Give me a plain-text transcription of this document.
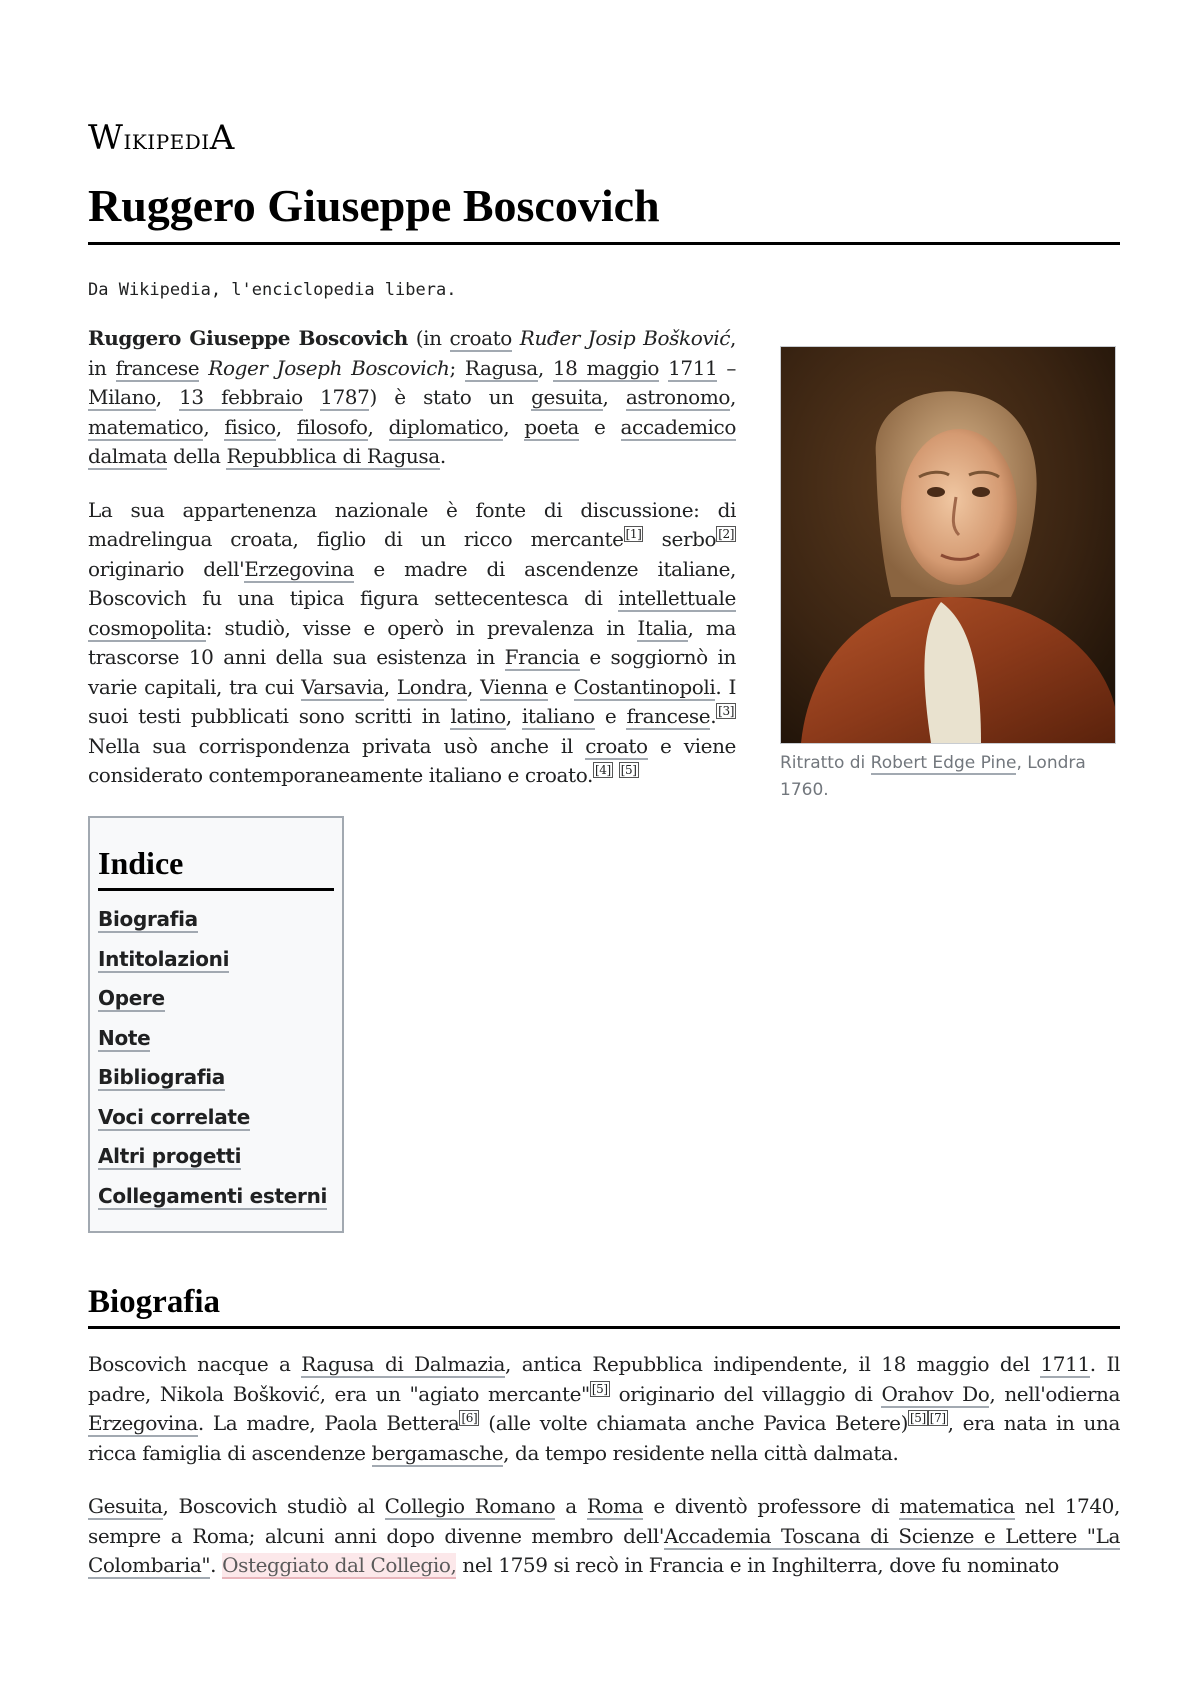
WikipediA
Ruggero Giuseppe Boscovich
Da Wikipedia, l'enciclopedia libera.

Ruggero Giuseppe Boscovich (in croato Ruđer Josip Bošković, in francese Roger Joseph Boscovich; Ragusa, 18 maggio 1711 – Milano, 13 febbraio 1787) è stato un gesuita, astronomo, matematico, fisico, filosofo, diplomatico, poeta e accademico dalmata della Repubblica di Ragusa.

La sua appartenenza nazionale è fonte di discussione: di madrelingua croata, figlio di un ricco mercante [1] serbo [2] originario dell'Erzegovina e madre di ascendenze italiane, Boscovich fu una tipica figura settecentesca di intellettuale cosmopolita: studiò, visse e operò in prevalenza in Italia, ma trascorse 10 anni della sua esistenza in Francia e soggiornò in varie capitali, tra cui Varsavia, Londra, Vienna e Costantinopoli. I suoi testi pubblicati sono scritti in latino, italiano e francese. [3] Nella sua corrispondenza privata usò anche il croato e viene considerato contemporaneamente italiano e croato. [4] [5]	Ritratto di Robert Edge Pine, Londra 1760.
Indice
Biografia
Intitolazioni
Opere
Note
Bibliografia
Voci correlate
Altri progetti
Collegamenti esterni
Biografia

Boscovich nacque a Ragusa di Dalmazia, antica Repubblica indipendente, il 18 maggio del 1711. Il padre, Nikola Bošković, era un "agiato mercante" [5] originario del villaggio di Orahov Do, nell'odierna Erzegovina. La madre, Paola Bettera [6] (alle volte chiamata anche Pavica Betere) [5] [7] , era nata in una ricca famiglia di ascendenze bergamasche, da tempo residente nella città dalmata.

Gesuita, Boscovich studiò al Collegio Romano a Roma e diventò professore di matematica nel 1740, sempre a Roma; alcuni anni dopo divenne membro dell'Accademia Toscana di Scienze e Lettere "La Colombaria". Osteggiato dal Collegio, nel 1759 si recò in Francia e in Inghilterra, dove fu nominato
